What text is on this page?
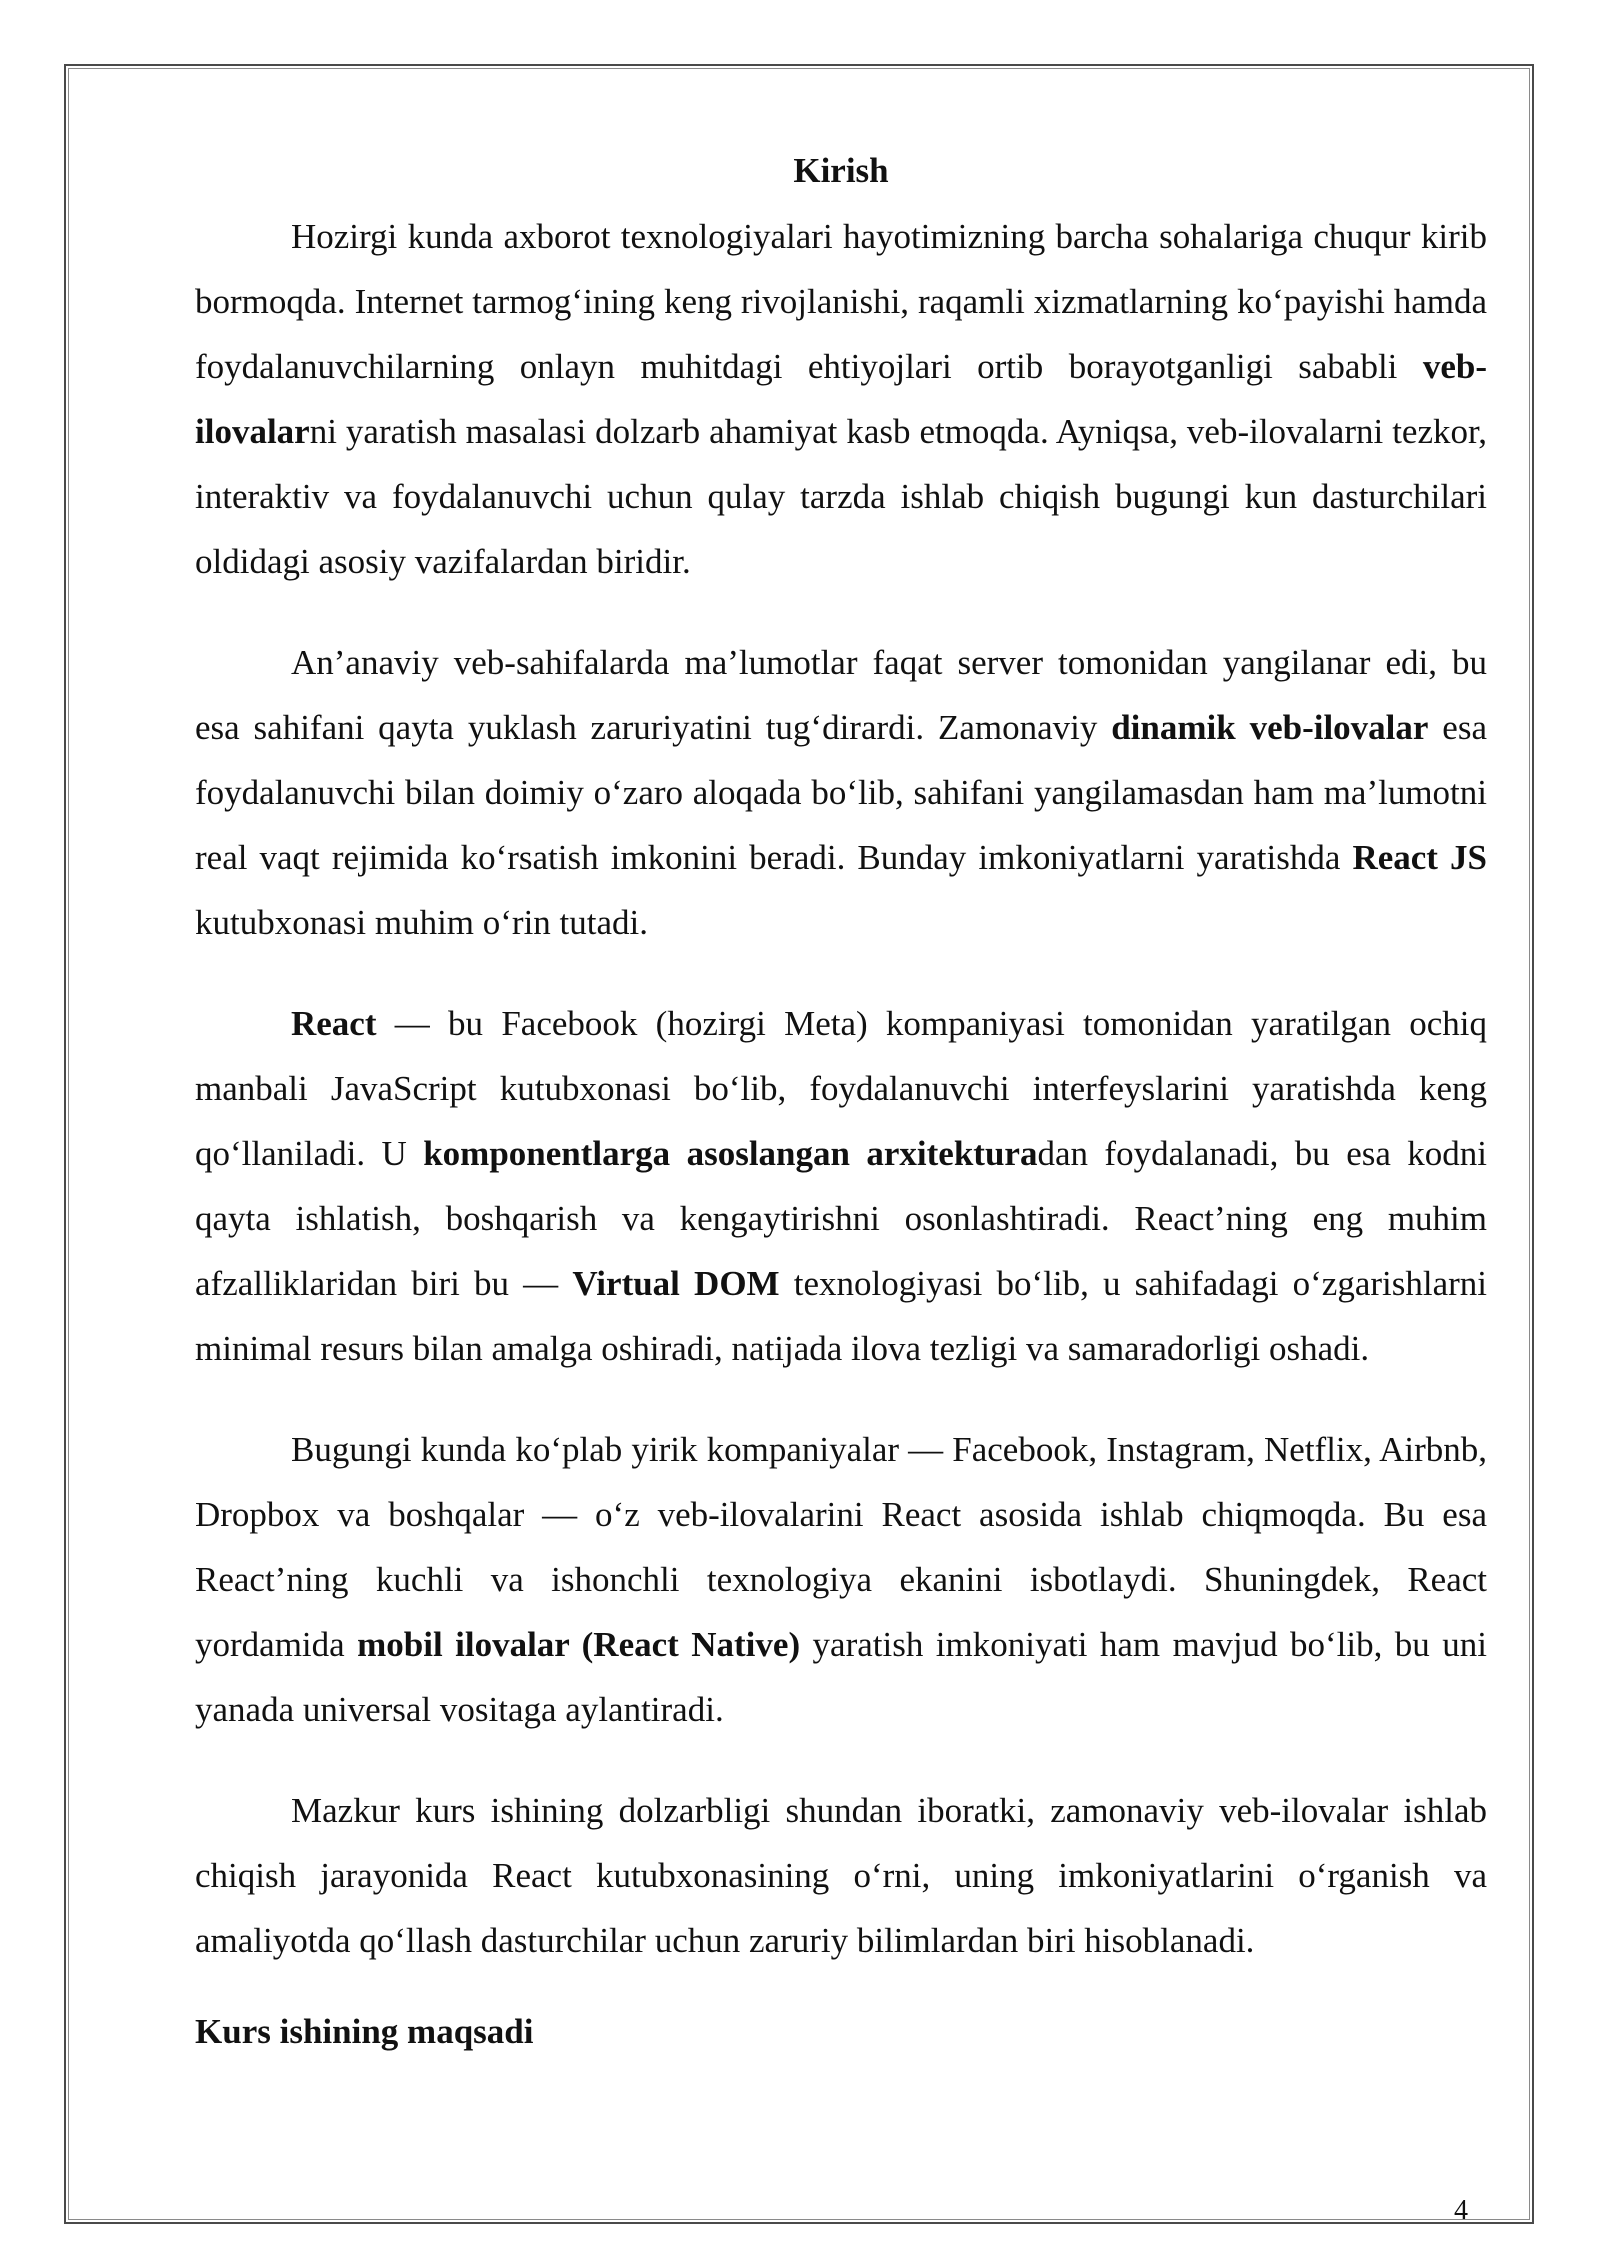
Kirish

Hozirgi kunda axborot texnologiyalari hayotimizning barcha sohalariga chuqur kirib bormoqda. Internet tarmog‘ining keng rivojlanishi, raqamli xizmatlarning ko‘payishi hamda foydalanuvchilarning onlayn muhitdagi ehtiyojlari ortib borayotganligi sababli veb-ilovalarni yaratish masalasi dolzarb ahamiyat kasb etmoqda. Ayniqsa, veb-ilovalarni tezkor, interaktiv va foydalanuvchi uchun qulay tarzda ishlab chiqish bugungi kun dasturchilari oldidagi asosiy vazifalardan biridir.

An’anaviy veb-sahifalarda ma’lumotlar faqat server tomonidan yangilanar edi, bu esa sahifani qayta yuklash zaruriyatini tug‘dirardi. Zamonaviy dinamik veb-ilovalar esa foydalanuvchi bilan doimiy o‘zaro aloqada bo‘lib, sahifani yangilamasdan ham ma’lumotni real vaqt rejimida ko‘rsatish imkonini beradi. Bunday imkoniyatlarni yaratishda React JS kutubxonasi muhim o‘rin tutadi.

React — bu Facebook (hozirgi Meta) kompaniyasi tomonidan yaratilgan ochiq manbali JavaScript kutubxonasi bo‘lib, foydalanuvchi interfeyslarini yaratishda keng qo‘llaniladi. U komponentlarga asoslangan arxitekturadan foydalanadi, bu esa kodni qayta ishlatish, boshqarish va kengaytirishni osonlashtiradi. React’ning eng muhim afzalliklaridan biri bu — Virtual DOM texnologiyasi bo‘lib, u sahifadagi o‘zgarishlarni minimal resurs bilan amalga oshiradi, natijada ilova tezligi va samaradorligi oshadi.

Bugungi kunda ko‘plab yirik kompaniyalar — Facebook, Instagram, Netflix, Airbnb, Dropbox va boshqalar — o‘z veb-ilovalarini React asosida ishlab chiqmoqda. Bu esa React’ning kuchli va ishonchli texnologiya ekanini isbotlaydi. Shuningdek, React yordamida mobil ilovalar (React Native) yaratish imkoniyati ham mavjud bo‘lib, bu uni yanada universal vositaga aylantiradi.

Mazkur kurs ishining dolzarbligi shundan iboratki, zamonaviy veb-ilovalar ishlab chiqish jarayonida React kutubxonasining o‘rni, uning imkoniyatlarini o‘rganish va amaliyotda qo‘llash dasturchilar uchun zaruriy bilimlardan biri hisoblanadi.

Kurs ishining maqsadi
4
